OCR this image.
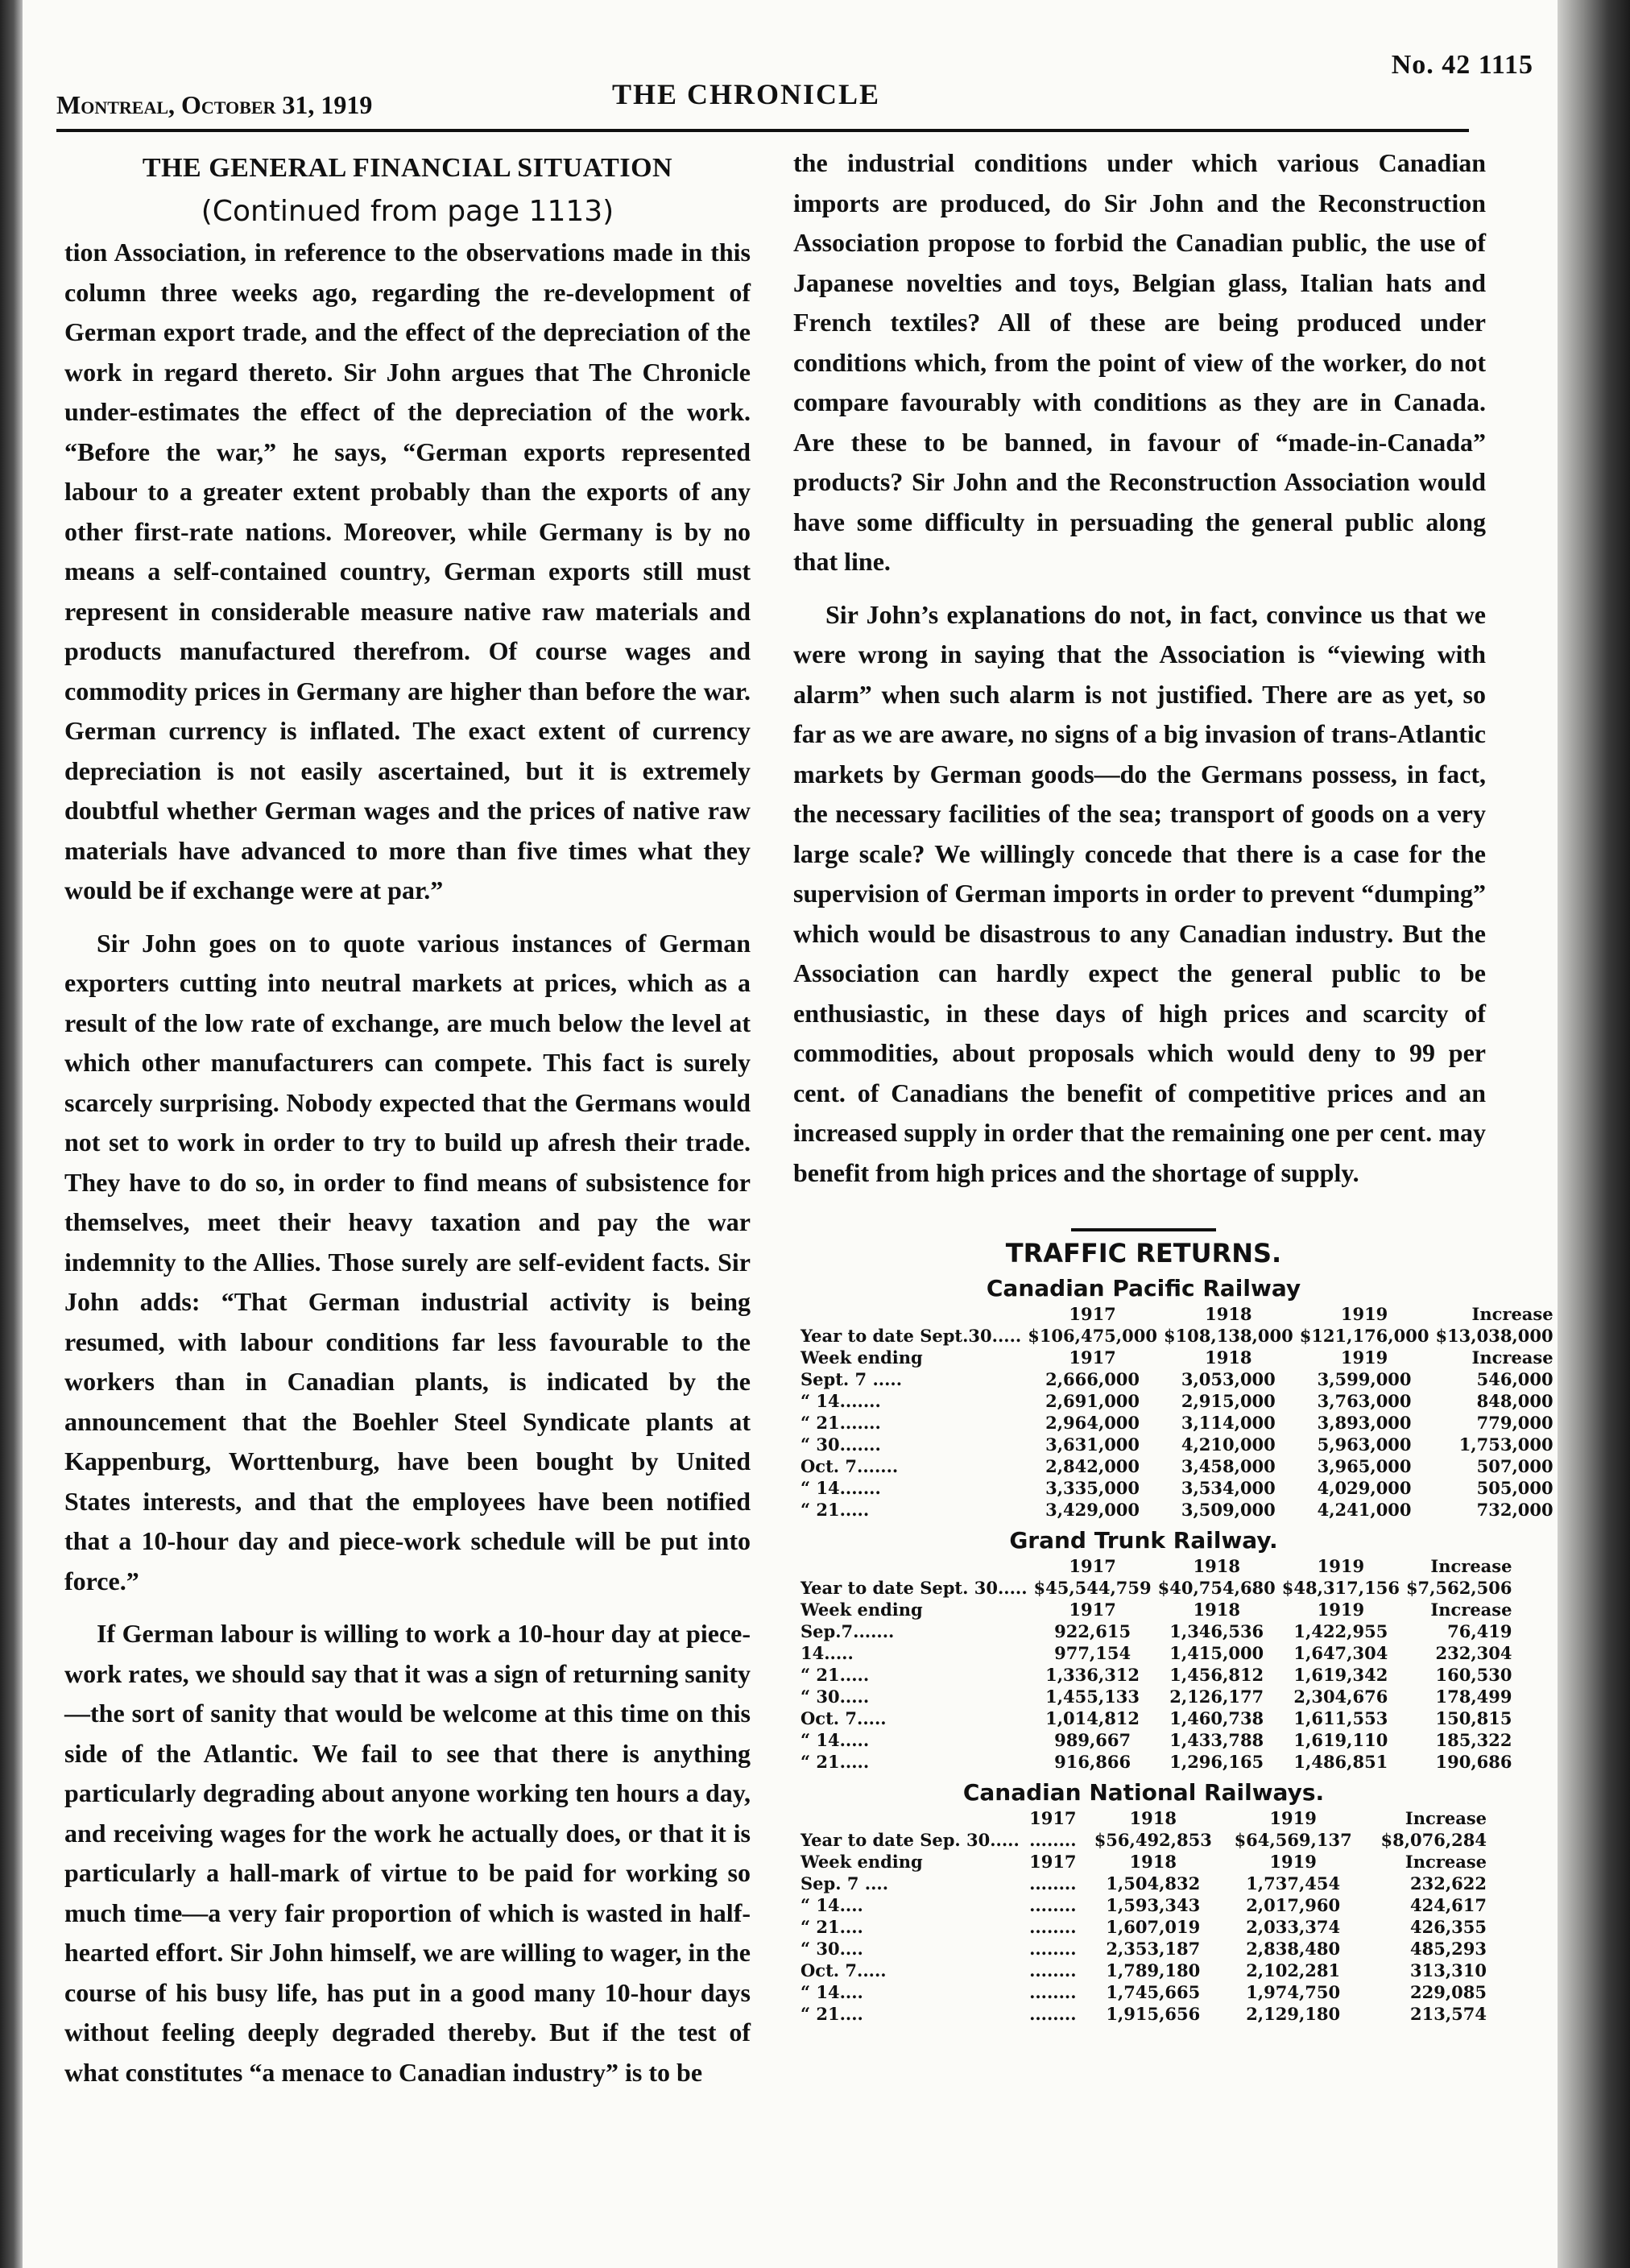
No. 42 1115
Montreal, October 31, 1919	THE CHRONICLE
THE GENERAL FINANCIAL SITUATION
(Continued from page 1113)

tion Association, in reference to the observations made in this column three weeks ago, regarding the re-development of German export trade, and the effect of the depreciation of the work in regard thereto. Sir John argues that The Chronicle under-estimates the effect of the depreciation of the work. “Before the war,” he says, “German exports represented labour to a greater extent probably than the exports of any other first-rate nations. Moreover, while Germany is by no means a self-contained country, German exports still must represent in considerable measure native raw materials and products manufactured therefrom. Of course wages and commodity prices in Germany are higher than before the war. German currency is inflated. The exact extent of currency depreciation is not easily ascertained, but it is extremely doubtful whether German wages and the prices of native raw materials have advanced to more than five times what they would be if exchange were at par.”

Sir John goes on to quote various instances of German exporters cutting into neutral markets at prices, which as a result of the low rate of exchange, are much below the level at which other manufacturers can compete. This fact is surely scarcely surprising. Nobody expected that the Germans would not set to work in order to try to build up afresh their trade. They have to do so, in order to find means of subsistence for themselves, meet their heavy taxation and pay the war indemnity to the Allies. Those surely are self-evident facts. Sir John adds: “That German industrial activity is being resumed, with labour conditions far less favourable to the workers than in Canadian plants, is indicated by the announcement that the Boehler Steel Syndicate plants at Kappenburg, Worttenburg, have been bought by United States interests, and that the employees have been notified that a 10-hour day and piece-work schedule will be put into force.”

If German labour is willing to work a 10-hour day at piece-work rates, we should say that it was a sign of returning sanity—the sort of sanity that would be welcome at this time on this side of the Atlantic. We fail to see that there is anything particularly degrading about anyone working ten hours a day, and receiving wages for the work he actually does, or that it is particularly a hall-mark of virtue to be paid for working so much time—a very fair proportion of which is wasted in half-hearted effort. Sir John himself, we are willing to wager, in the course of his busy life, has put in a good many 10-hour days without feeling deeply degraded thereby. But if the test of what constitutes “a menace to Canadian industry” is to be

the industrial conditions under which various Canadian imports are produced, do Sir John and the Reconstruction Association propose to forbid the Canadian public, the use of Japanese novelties and toys, Belgian glass, Italian hats and French textiles? All of these are being produced under conditions which, from the point of view of the worker, do not compare favourably with conditions as they are in Canada. Are these to be banned, in favour of “made-in-Canada” products? Sir John and the Reconstruction Association would have some difficulty in persuading the general public along that line.

Sir John’s explanations do not, in fact, convince us that we were wrong in saying that the Association is “viewing with alarm” when such alarm is not justified. There are as yet, so far as we are aware, no signs of a big invasion of trans-Atlantic markets by German goods—do the Germans possess, in fact, the necessary facilities of the sea; transport of goods on a very large scale? We willingly concede that there is a case for the supervision of German imports in order to prevent “dumping” which would be disastrous to any Canadian industry. But the Association can hardly expect the general public to be enthusiastic, in these days of high prices and scarcity of commodities, about proposals which would deny to 99 per cent. of Canadians the benefit of competitive prices and an increased supply in order that the remaining one per cent. may benefit from high prices and the shortage of supply.

TRAFFIC RETURNS.
Canadian Pacific Railway
	1917	1918	1919	Increase
Year to date Sept.30.....	$106,475,000	$108,138,000	$121,176,000	$13,038,000
Week ending	1917	1918	1919	Increase
Sept. 7 .....	2,666,000	3,053,000	3,599,000	546,000
“ 14.......	2,691,000	2,915,000	3,763,000	848,000
“ 21.......	2,964,000	3,114,000	3,893,000	779,000
“ 30.......	3,631,000	4,210,000	5,963,000	1,753,000
Oct. 7.......	2,842,000	3,458,000	3,965,000	507,000
“ 14.......	3,335,000	3,534,000	4,029,000	505,000
“ 21.....	3,429,000	3,509,000	4,241,000	732,000
Grand Trunk Railway.
	1917	1918	1919	Increase
Year to date Sept. 30.....	$45,544,759	$40,754,680	$48,317,156	$7,562,506
Week ending	1917	1918	1919	Increase
Sep.7.......	922,615	1,346,536	1,422,955	76,419
14.....	977,154	1,415,000	1,647,304	232,304
“ 21.....	1,336,312	1,456,812	1,619,342	160,530
“ 30.....	1,455,133	2,126,177	2,304,676	178,499
Oct. 7.....	1,014,812	1,460,738	1,611,553	150,815
“ 14.....	989,667	1,433,788	1,619,110	185,322
“ 21.....	916,866	1,296,165	1,486,851	190,686
Canadian National Railways.
	1917	1918	1919	Increase
Year to date Sep. 30.....	........	$56,492,853	$64,569,137	$8,076,284
Week ending	1917	1918	1919	Increase
Sep. 7 ....	........	1,504,832	1,737,454	232,622
“ 14....	........	1,593,343	2,017,960	424,617
“ 21....	........	1,607,019	2,033,374	426,355
“ 30....	........	2,353,187	2,838,480	485,293
Oct. 7.....	........	1,789,180	2,102,281	313,310
“ 14....	........	1,745,665	1,974,750	229,085
“ 21....	........	1,915,656	2,129,180	213,574
